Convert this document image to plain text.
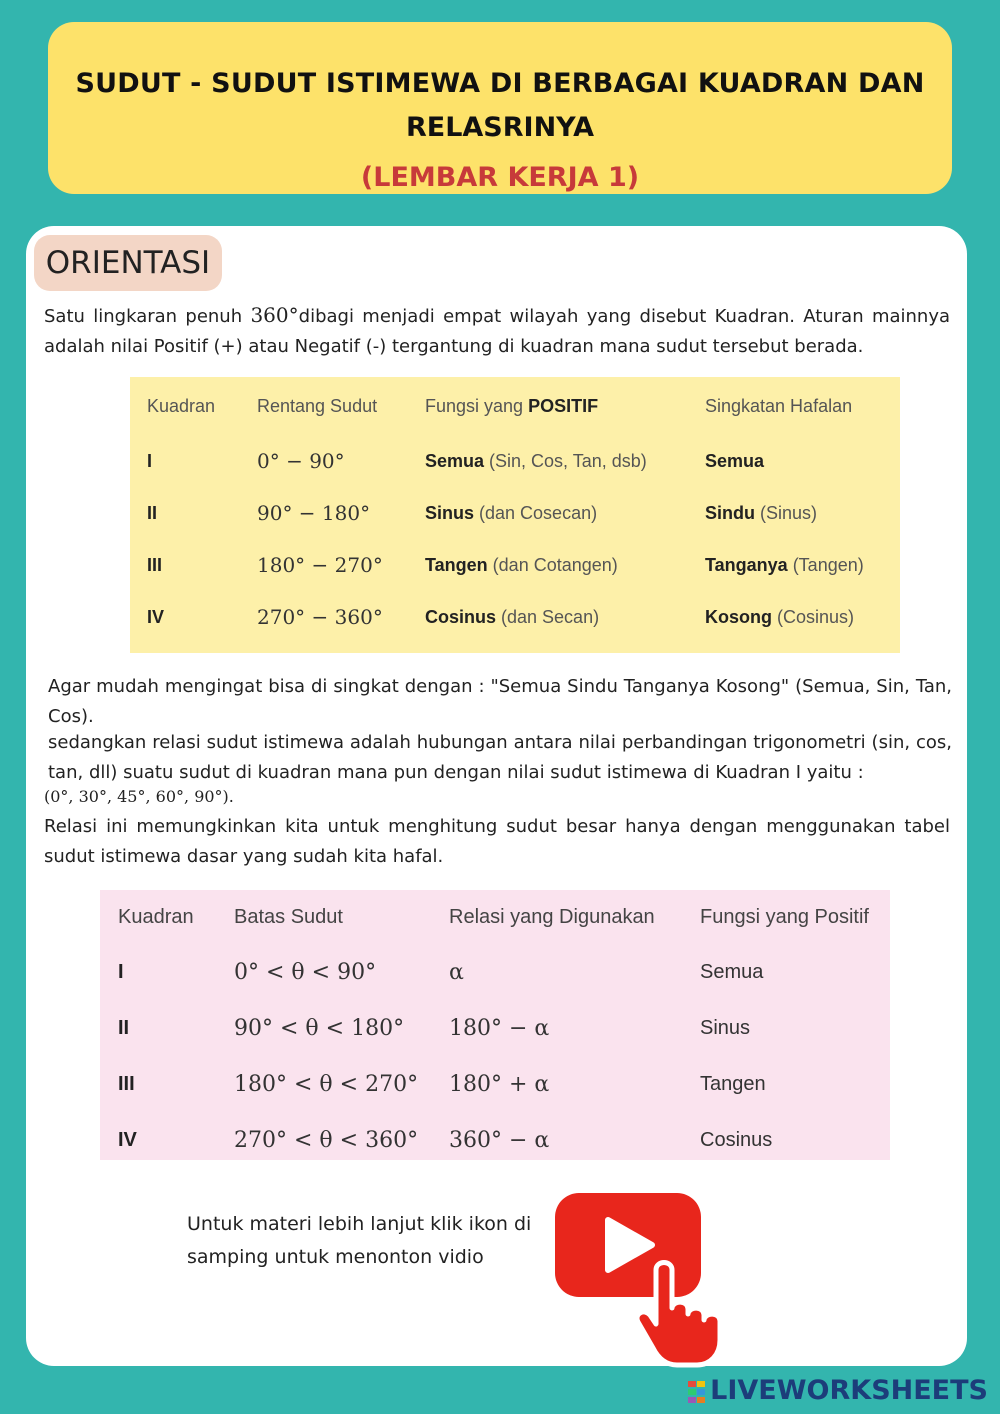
SUDUT - SUDUT ISTIMEWA DI BERBAGAI KUADRAN DAN
RELASRINYA
(LEMBAR KERJA 1)
ORIENTASI
Satu lingkaran penuh 360°dibagi menjadi empat wilayah yang disebut Kuadran. Aturan mainnya adalah nilai Positif (+) atau Negatif (-) tergantung di kuadran mana sudut tersebut berada.
Kuadran	Rentang Sudut	Fungsi yang POSITIF	Singkatan Hafalan
I	0° − 90°	Semua (Sin, Cos, Tan, dsb)	Semua
II	90° − 180°	Sinus (dan Cosecan)	Sindu (Sinus)
III	180° − 270°	Tangen (dan Cotangen)	Tanganya (Tangen)
IV	270° − 360°	Cosinus (dan Secan)	Kosong (Cosinus)
Agar mudah mengingat bisa di singkat dengan : "Semua Sindu Tanganya Kosong" (Semua, Sin, Tan, Cos).
sedangkan relasi sudut istimewa adalah hubungan antara nilai perbandingan trigonometri (sin, cos, tan, dll) suatu sudut di kuadran mana pun dengan nilai sudut istimewa di Kuadran I yaitu :
(0°, 30°, 45°, 60°, 90°).
Relasi ini memungkinkan kita untuk menghitung sudut besar hanya dengan menggunakan tabel sudut istimewa dasar yang sudah kita hafal.
Kuadran	Batas Sudut	Relasi yang Digunakan	Fungsi yang Positif
I	0° < θ < 90°	α	Semua
II	90° < θ < 180°	180° − α	Sinus
III	180° < θ < 270°	180° + α	Tangen
IV	270° < θ < 360°	360° − α	Cosinus
Untuk materi lebih lanjut klik ikon di
samping untuk menonton vidio
LIVEWORKSHEETS
